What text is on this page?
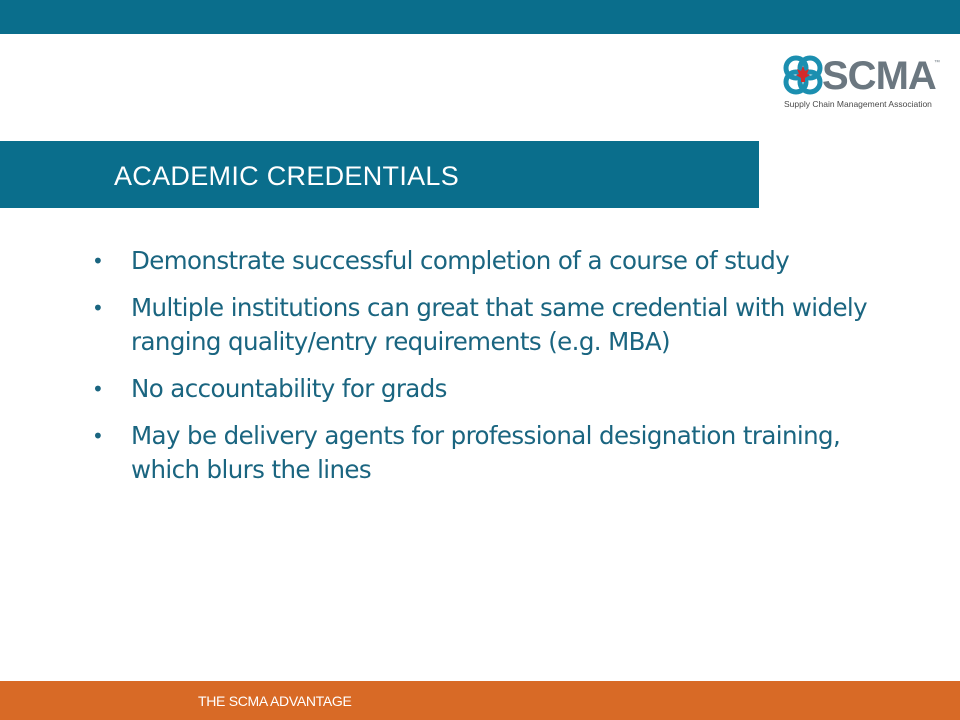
SCMA
™
Supply Chain Management Association
ACADEMIC CREDENTIALS
• Demonstrate successful completion of a course of study
• Multiple institutions can great that same credential with widely ranging quality/entry requirements (e.g. MBA)
• No accountability for grads
• May be delivery agents for professional designation training, which blurs the lines
THE SCMA ADVANTAGE
